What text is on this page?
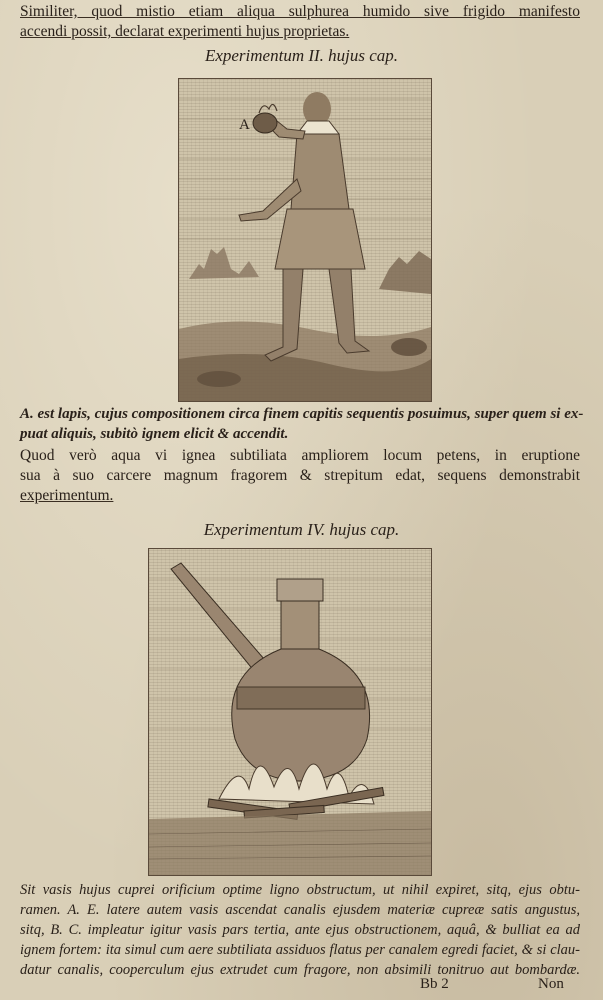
Similiter, quod mistio etiam aliqua sulphurea humido sive frigido manifesto
accendi possit, declarat experimenti hujus proprietas.
Experimentum II. hujus cap.
A
A. est lapis, cujus compositionem circa finem capitis sequentis posuimus, super quem si ex-
puat aliquis, subitò ignem elicit & accendit.
Quod verò aqua vi ignea subtiliata ampliorem locum petens, in eruptione
sua à suo carcere magnum fragorem & strepitum edat, sequens demonstrabit
experimentum.
Experimentum IV. hujus cap.
Sit vasis hujus cuprei orificium optime ligno obstructum, ut nihil expiret, sitq, ejus obtu-
ramen. A. E. latere autem vasis ascendat canalis ejusdem materiæ cupreæ satis angustus,
sitq, B. C. impleatur igitur vasis pars tertia, ante ejus obstructionem, aquâ, & bulliat ea ad
ignem fortem: ita simul cum aere subtiliata assiduos flatus per canalem egredi faciet, & si clau-
datur canalis, cooperculum ejus extrudet cum fragore, non absimili tonitruo aut bombardæ.
Bb 2	Non
